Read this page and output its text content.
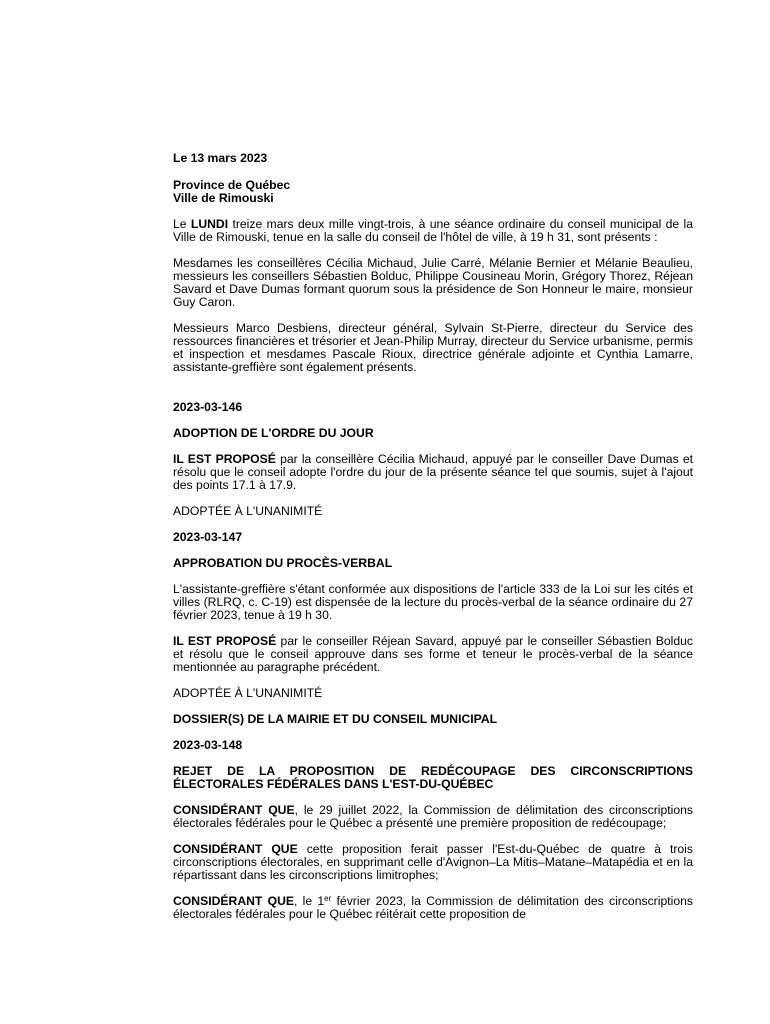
Le 13 mars 2023

Province de Québec

Ville de Rimouski

Le LUNDI treize mars deux mille vingt-trois, à une séance ordinaire du conseil municipal de la Ville de Rimouski, tenue en la salle du conseil de l'hôtel de ville, à 19 h 31, sont présents :

Mesdames les conseillères Cécilia Michaud, Julie Carré, Mélanie Bernier et Mélanie Beaulieu, messieurs les conseillers Sébastien Bolduc, Philippe Cousineau Morin, Grégory Thorez, Réjean Savard et Dave Dumas formant quorum sous la présidence de Son Honneur le maire, monsieur Guy Caron.

Messieurs Marco Desbiens, directeur général, Sylvain St-Pierre, directeur du Service des ressources financières et trésorier et Jean-Philip Murray, directeur du Service urbanisme, permis et inspection et mesdames Pascale Rioux, directrice générale adjointe et Cynthia Lamarre, assistante-greffière sont également présents.

2023-03-146

ADOPTION DE L'ORDRE DU JOUR

IL EST PROPOSÉ par la conseillère Cécilia Michaud, appuyé par le conseiller Dave Dumas et résolu que le conseil adopte l'ordre du jour de la présente séance tel que soumis, sujet à l'ajout des points 17.1 à 17.9.

ADOPTÉE À L'UNANIMITÉ

2023-03-147

APPROBATION DU PROCÈS-VERBAL

L'assistante-greffière s'étant conformée aux dispositions de l'article 333 de la Loi sur les cités et villes (RLRQ, c. C-19) est dispensée de la lecture du procès-verbal de la séance ordinaire du 27 février 2023, tenue à 19 h 30.

IL EST PROPOSÉ par le conseiller Réjean Savard, appuyé par le conseiller Sébastien Bolduc et résolu que le conseil approuve dans ses forme et teneur le procès-verbal de la séance mentionnée au paragraphe précédent.

ADOPTÉE À L'UNANIMITÉ

DOSSIER(S) DE LA MAIRIE ET DU CONSEIL MUNICIPAL

2023-03-148

REJET DE LA PROPOSITION DE REDÉCOUPAGE DES CIRCONSCRIPTIONS ÉLECTORALES FÉDÉRALES DANS L'EST-DU-QUÉBEC

CONSIDÉRANT QUE, le 29 juillet 2022, la Commission de délimitation des circonscriptions électorales fédérales pour le Québec a présenté une première proposition de redécoupage;

CONSIDÉRANT QUE cette proposition ferait passer l'Est-du-Québec de quatre à trois circonscriptions électorales, en supprimant celle d'Avignon–La Mitis–Matane–Matapédia et en la répartissant dans les circonscriptions limitrophes;

CONSIDÉRANT QUE, le 1er février 2023, la Commission de délimitation des circonscriptions électorales fédérales pour le Québec réitérait cette proposition de
